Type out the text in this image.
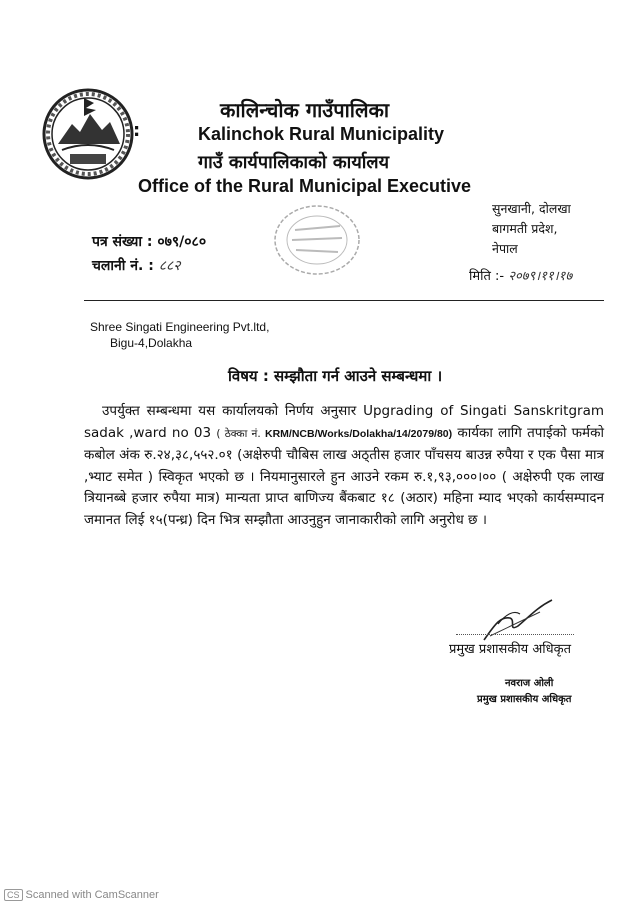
:
कालिन्चोक गाउँपालिका
Kalinchok Rural Municipality
गाउँ कार्यपालिकाको कार्यालय
Office of the Rural Municipal Executive
सुनखानी, दोलखा
बागमती प्रदेश,
नेपाल
पत्र संख्या : ०७९/०८०
चलानी नं. : ८८२
मिति :- २०७९।११।१७
Shree Singati Engineering Pvt.ltd,
Bigu-4,Dolakha
विषय : सम्झौता गर्न आउने सम्बन्धमा ।

उपर्युक्त सम्बन्धमा यस कार्यालयको निर्णय अनुसार Upgrading of Singati Sanskritgram sadak ,ward no 03 ( ठेक्का नं. KRM/NCB/Works/Dolakha/14/2079/80) कार्यका लागि तपाईको फर्मको कबोल अंक रु.२४,३८,५५२.०१ (अक्षेरुपी चौबिस लाख अठ्तीस हजार पाँचसय बाउन्न रुपैया र एक पैसा मात्र ,भ्याट समेत ) स्विकृत भएको छ । नियमानुसारले हुन आउने रकम रु.१,९३,०००।०० ( अक्षेरुपी एक लाख त्रियानब्बे हजार रुपैया मात्र) मान्यता प्राप्त बाणिज्य बैंकबाट १८ (अठार) महिना म्याद भएको कार्यसम्पादन जमानत लिई १५(पन्ध्र) दिन भित्र सम्झौता आउनुहुन जानाकारीको लागि अनुरोध छ ।

प्रमुख प्रशासकीय अधिकृत
नवराज ओली
प्रमुख प्रशासकीय अधिकृत
CS Scanned with CamScanner
